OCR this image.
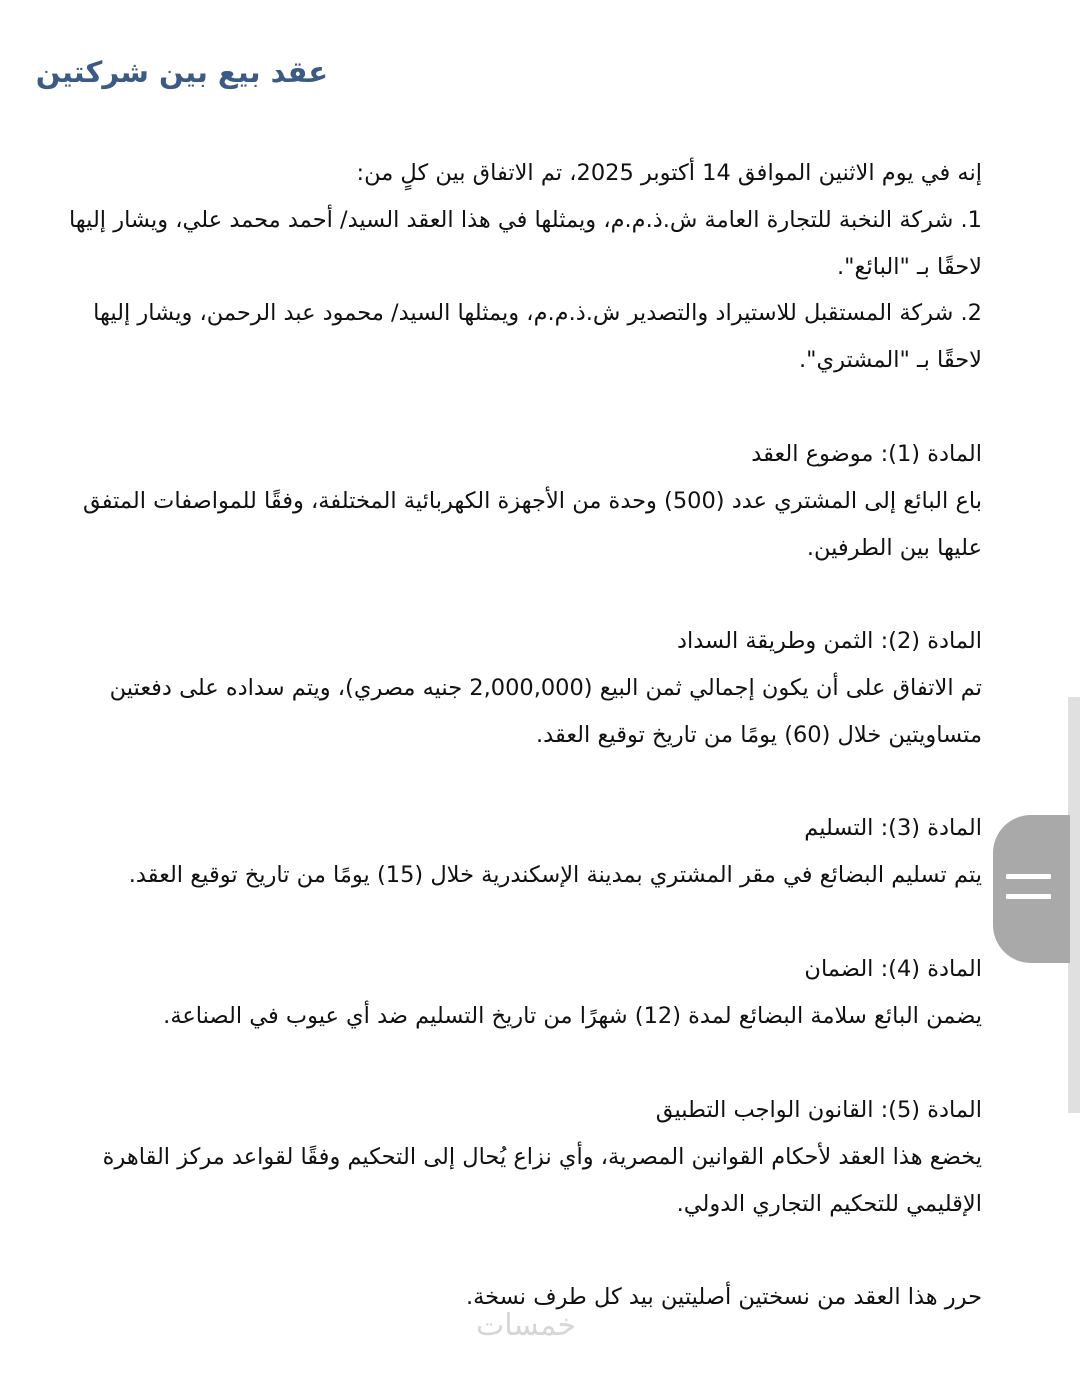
عقد بيع بين شركتين
إنه في يوم الاثنين الموافق 14 أكتوبر 2025، تم الاتفاق بين كلٍ من:
1. شركة النخبة للتجارة العامة ش.ذ.م.م، ويمثلها في هذا العقد السيد/ أحمد محمد علي، ويشار إليها
لاحقًا بـ "البائع".
2. شركة المستقبل للاستيراد والتصدير ش.ذ.م.م، ويمثلها السيد/ محمود عبد الرحمن، ويشار إليها
لاحقًا بـ "المشتري".
المادة (1): موضوع العقد
باع البائع إلى المشتري عدد (500) وحدة من الأجهزة الكهربائية المختلفة، وفقًا للمواصفات المتفق
عليها بين الطرفين.
المادة (2): الثمن وطريقة السداد
تم الاتفاق على أن يكون إجمالي ثمن البيع (2,000,000 جنيه مصري)، ويتم سداده على دفعتين
متساويتين خلال (60) يومًا من تاريخ توقيع العقد.
المادة (3): التسليم
يتم تسليم البضائع في مقر المشتري بمدينة الإسكندرية خلال (15) يومًا من تاريخ توقيع العقد.
المادة (4): الضمان
يضمن البائع سلامة البضائع لمدة (12) شهرًا من تاريخ التسليم ضد أي عيوب في الصناعة.
المادة (5): القانون الواجب التطبيق
يخضع هذا العقد لأحكام القوانين المصرية، وأي نزاع يُحال إلى التحكيم وفقًا لقواعد مركز القاهرة
الإقليمي للتحكيم التجاري الدولي.
حرر هذا العقد من نسختين أصليتين بيد كل طرف نسخة.
خمسات
